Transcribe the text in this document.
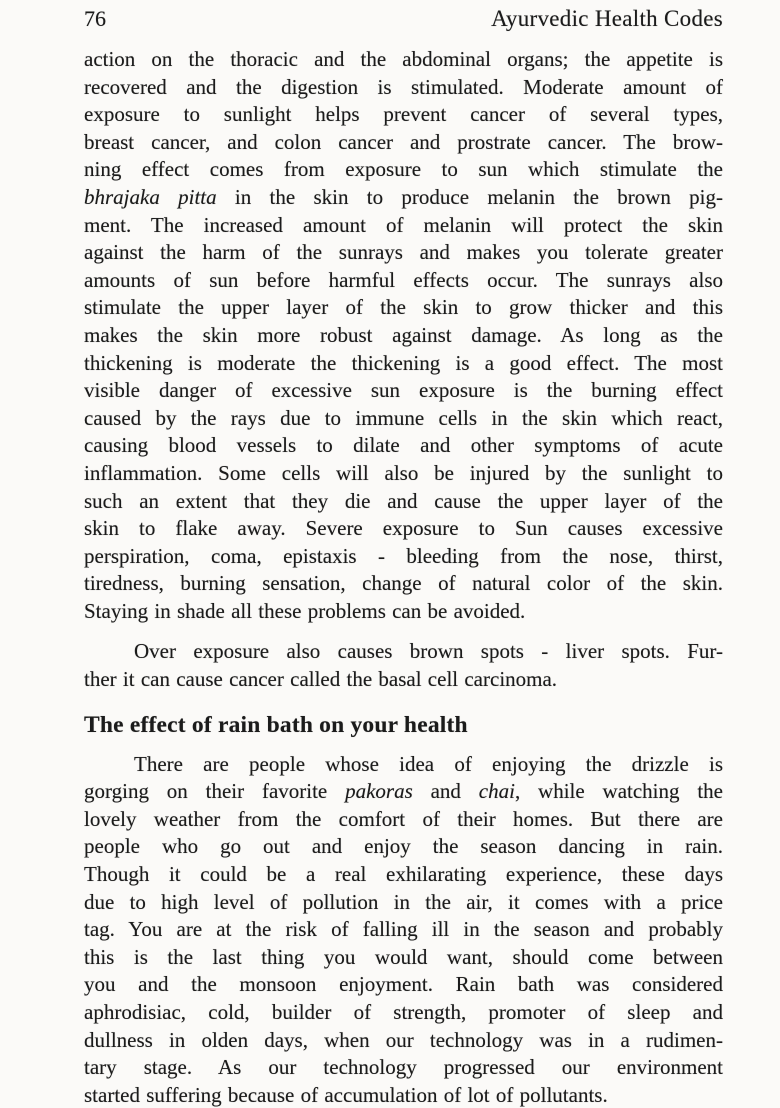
76	Ayurvedic Health Codes
action on the thoracic and the abdominal organs; the appetite is
recovered and the digestion is stimulated. Moderate amount of
exposure to sunlight helps prevent cancer of several types,
breast cancer, and colon cancer and prostrate cancer. The brow-
ning effect comes from exposure to sun which stimulate the
bhrajaka pitta in the skin to produce melanin the brown pig-
ment. The increased amount of melanin will protect the skin
against the harm of the sunrays and makes you tolerate greater
amounts of sun before harmful effects occur. The sunrays also
stimulate the upper layer of the skin to grow thicker and this
makes the skin more robust against damage. As long as the
thickening is moderate the thickening is a good effect. The most
visible danger of excessive sun exposure is the burning effect
caused by the rays due to immune cells in the skin which react,
causing blood vessels to dilate and other symptoms of acute
inflammation. Some cells will also be injured by the sunlight to
such an extent that they die and cause the upper layer of the
skin to flake away. Severe exposure to Sun causes excessive
perspiration, coma, epistaxis - bleeding from the nose, thirst,
tiredness, burning sensation, change of natural color of the skin.
Staying in shade all these problems can be avoided.
Over exposure also causes brown spots - liver spots. Fur-
ther it can cause cancer called the basal cell carcinoma.
The effect of rain bath on your health
There are people whose idea of enjoying the drizzle is
gorging on their favorite pakoras and chai, while watching the
lovely weather from the comfort of their homes. But there are
people who go out and enjoy the season dancing in rain.
Though it could be a real exhilarating experience, these days
due to high level of pollution in the air, it comes with a price
tag. You are at the risk of falling ill in the season and probably
this is the last thing you would want, should come between
you and the monsoon enjoyment. Rain bath was considered
aphrodisiac, cold, builder of strength, promoter of sleep and
dullness in olden days, when our technology was in a rudimen-
tary stage. As our technology progressed our environment
started suffering because of accumulation of lot of pollutants.
